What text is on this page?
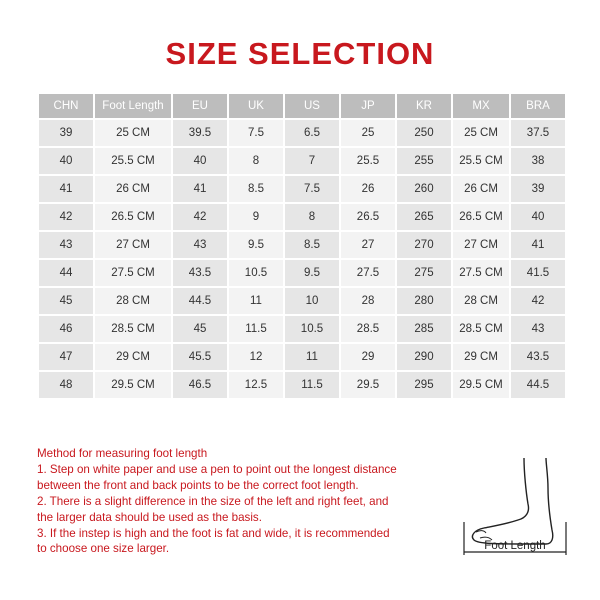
SIZE SELECTION
CHN	Foot Length	EU	UK	US	JP	KR	MX	BRA
39	25 CM	39.5	7.5	6.5	25	250	25 CM	37.5
40	25.5 CM	40	8	7	25.5	255	25.5 CM	38
41	26 CM	41	8.5	7.5	26	260	26 CM	39
42	26.5 CM	42	9	8	26.5	265	26.5 CM	40
43	27 CM	43	9.5	8.5	27	270	27 CM	41
44	27.5 CM	43.5	10.5	9.5	27.5	275	27.5 CM	41.5
45	28 CM	44.5	11	10	28	280	28 CM	42
46	28.5 CM	45	11.5	10.5	28.5	285	28.5 CM	43
47	29 CM	45.5	12	11	29	290	29 CM	43.5
48	29.5 CM	46.5	12.5	11.5	29.5	295	29.5 CM	44.5
Method for measuring foot length
1. Step on white paper and use a pen to point out the longest distance
between the front and back points to be the correct foot length.
2. There is a slight difference in the size of the left and right feet, and
the larger data should be used as the basis.
3. If the instep is high and the foot is fat and wide, it is recommended
to choose one size larger.	Foot Length
